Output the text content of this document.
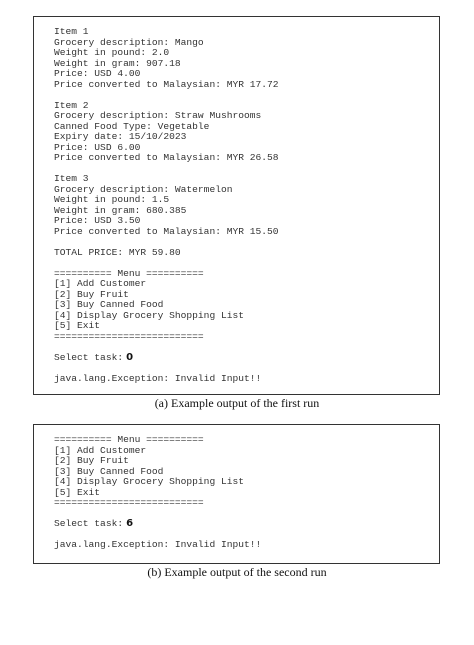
Item 1
Grocery description: Mango
Weight in pound: 2.0
Weight in gram: 907.18
Price: USD 4.00
Price converted to Malaysian: MYR 17.72
Item 2
Grocery description: Straw Mushrooms
Canned Food Type: Vegetable
Expiry date: 15/10/2023
Price: USD 6.00
Price converted to Malaysian: MYR 26.58
Item 3
Grocery description: Watermelon
Weight in pound: 1.5
Weight in gram: 680.385
Price: USD 3.50
Price converted to Malaysian: MYR 15.50
TOTAL PRICE: MYR 59.80
========== Menu ==========
[1] Add Customer
[2] Buy Fruit
[3] Buy Canned Food
[4] Display Grocery Shopping List
[5] Exit
==========================
Select task: 0
java.lang.Exception: Invalid Input!!
(a) Example output of the first run
========== Menu ==========
[1] Add Customer
[2] Buy Fruit
[3] Buy Canned Food
[4] Display Grocery Shopping List
[5] Exit
==========================
Select task: 6
java.lang.Exception: Invalid Input!!
(b) Example output of the second run
